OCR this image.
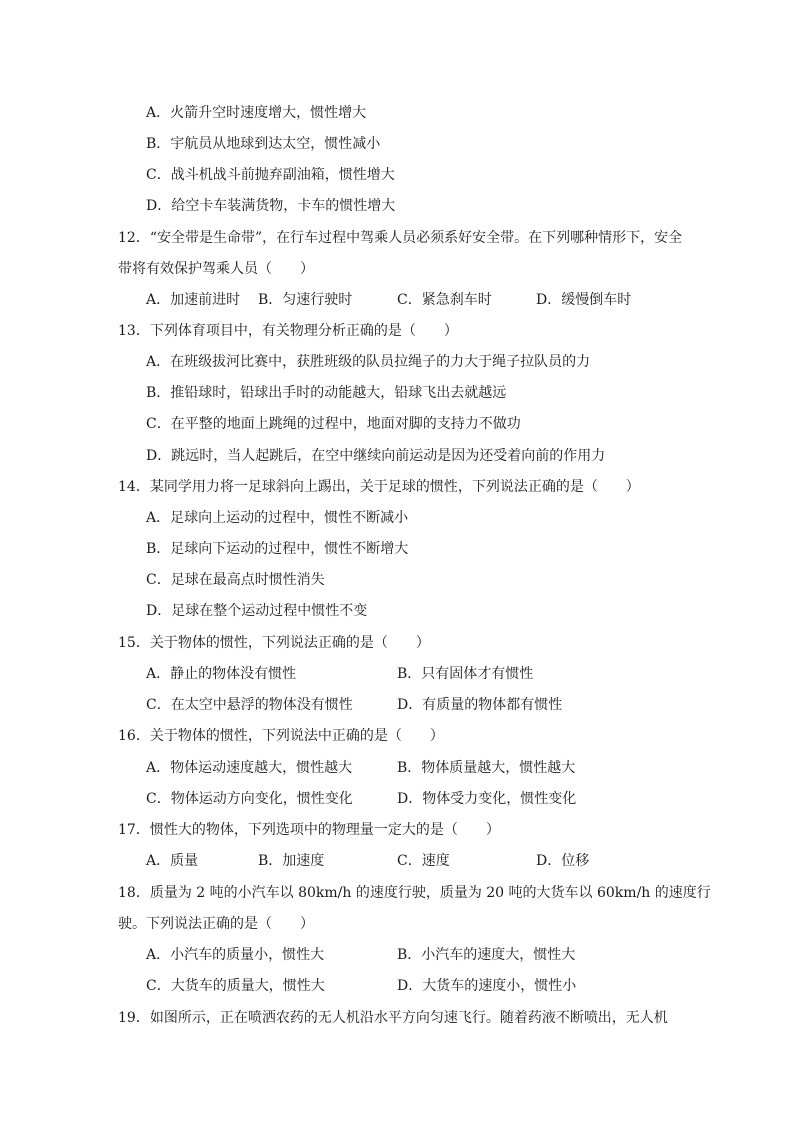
A．火箭升空时速度增大，惯性增大
B．宇航员从地球到达太空，惯性减小
C．战斗机战斗前抛弃副油箱，惯性增大
D．给空卡车装满货物，卡车的惯性增大
12．“安全带是生命带”，在行车过程中驾乘人员必须系好安全带。在下列哪种情形下，安全
带将有效保护驾乘人员（　　）
A．加速前进时 B．匀速行驶时	C．紧急刹车时	D．缓慢倒车时
13．下列体育项目中，有关物理分析正确的是（　　）
A．在班级拔河比赛中，获胜班级的队员拉绳子的力大于绳子拉队员的力
B．推铅球时，铅球出手时的动能越大，铅球飞出去就越远
C．在平整的地面上跳绳的过程中，地面对脚的支持力不做功
D．跳远时，当人起跳后，在空中继续向前运动是因为还受着向前的作用力
14．某同学用力将一足球斜向上踢出，关于足球的惯性，下列说法正确的是（　　）
A．足球向上运动的过程中，惯性不断减小
B．足球向下运动的过程中，惯性不断增大
C．足球在最高点时惯性消失
D．足球在整个运动过程中惯性不变
15．关于物体的惯性，下列说法正确的是（　　）
A．静止的物体没有惯性	B．只有固体才有惯性
C．在太空中悬浮的物体没有惯性	D．有质量的物体都有惯性
16．关于物体的惯性，下列说法中正确的是（　　）
A．物体运动速度越大，惯性越大	B．物体质量越大，惯性越大
C．物体运动方向变化，惯性变化	D．物体受力变化，惯性变化
17．惯性大的物体，下列选项中的物理量一定大的是（　　）
A．质量	B．加速度	C．速度	D．位移
18．质量为 2 吨的小汽车以 80km/h 的速度行驶，质量为 20 吨的大货车以 60km/h 的速度行
驶。下列说法正确的是（　　）
A．小汽车的质量小，惯性大	B．小汽车的速度大，惯性大
C．大货车的质量大，惯性大	D．大货车的速度小，惯性小
19．如图所示，正在喷洒农药的无人机沿水平方向匀速飞行。随着药液不断喷出，无人机
